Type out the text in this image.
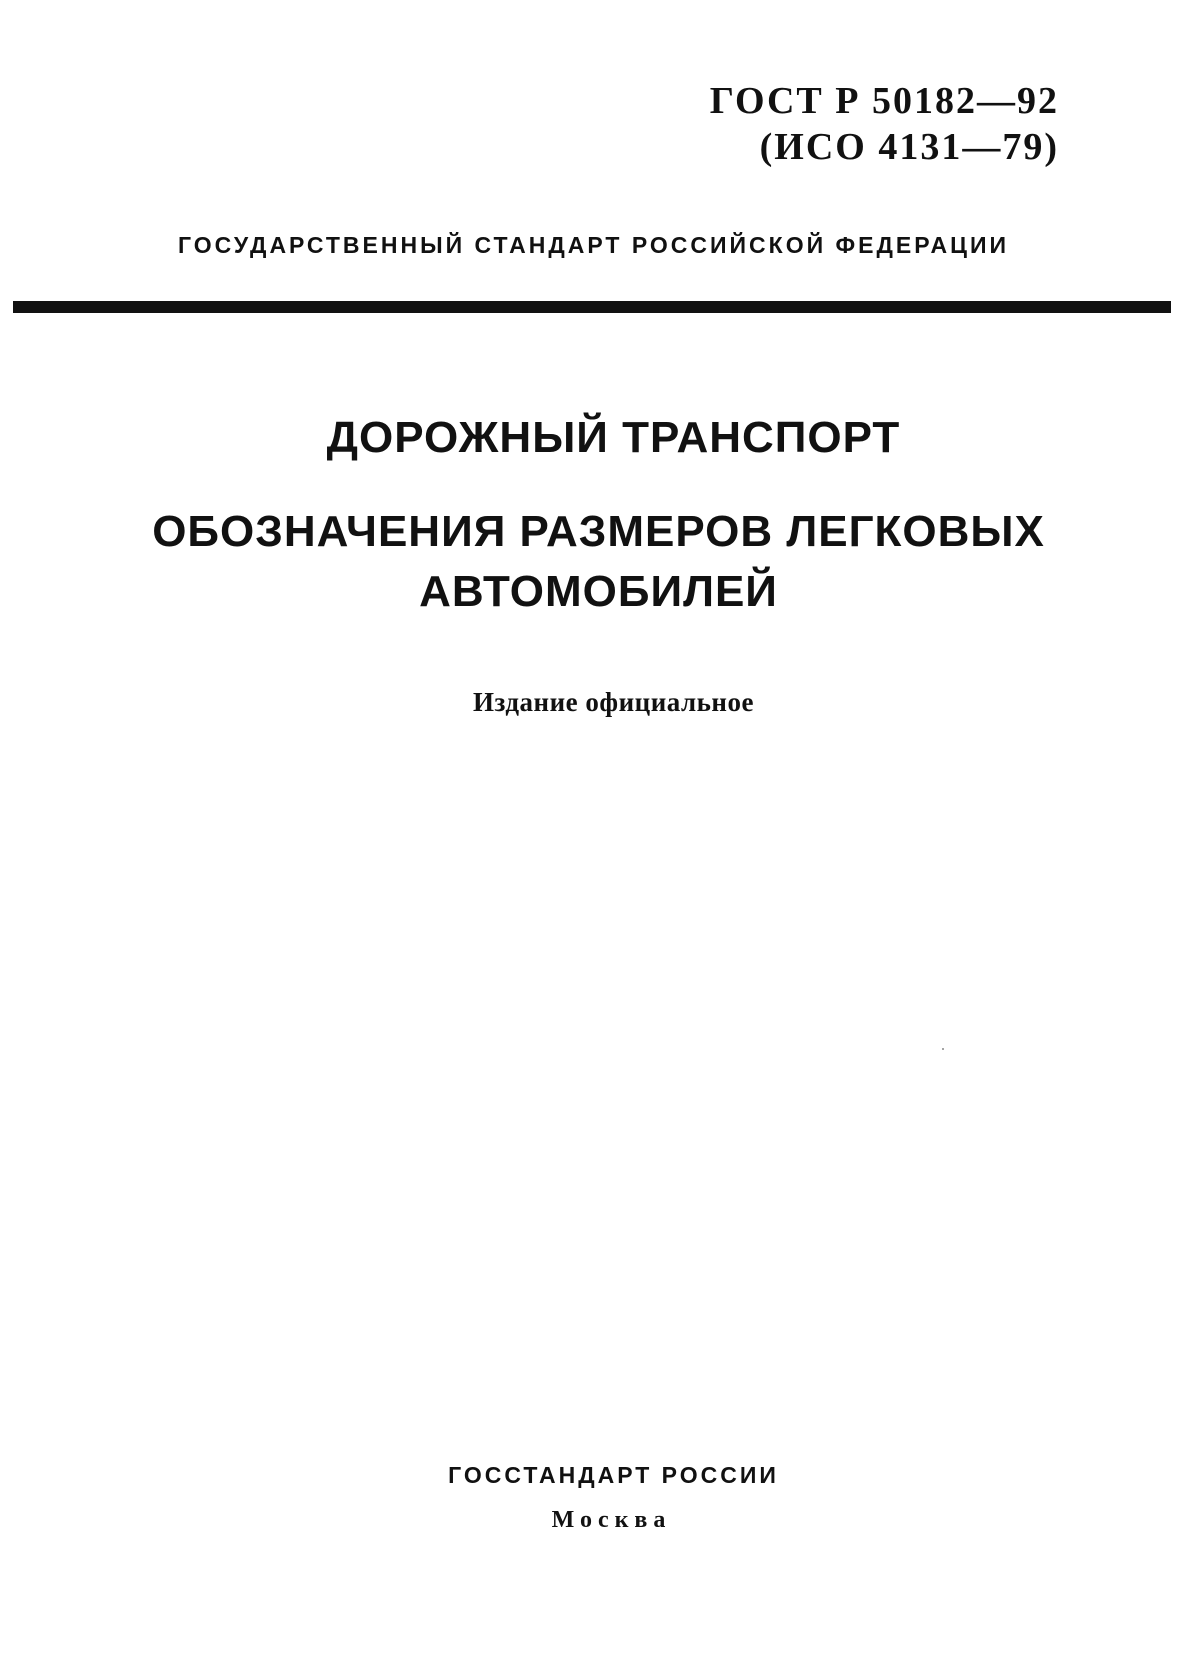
ГОСТ Р 50182—92
(ИСО 4131—79)
ГОСУДАРСТВЕННЫЙ СТАНДАРТ РОССИЙСКОЙ ФЕДЕРАЦИИ
ДОРОЖНЫЙ ТРАНСПОРТ
ОБОЗНАЧЕНИЯ РАЗМЕРОВ ЛЕГКОВЫХ
АВТОМОБИЛЕЙ
Издание официальное
ГОССТАНДАРТ РОССИИ
Москва
